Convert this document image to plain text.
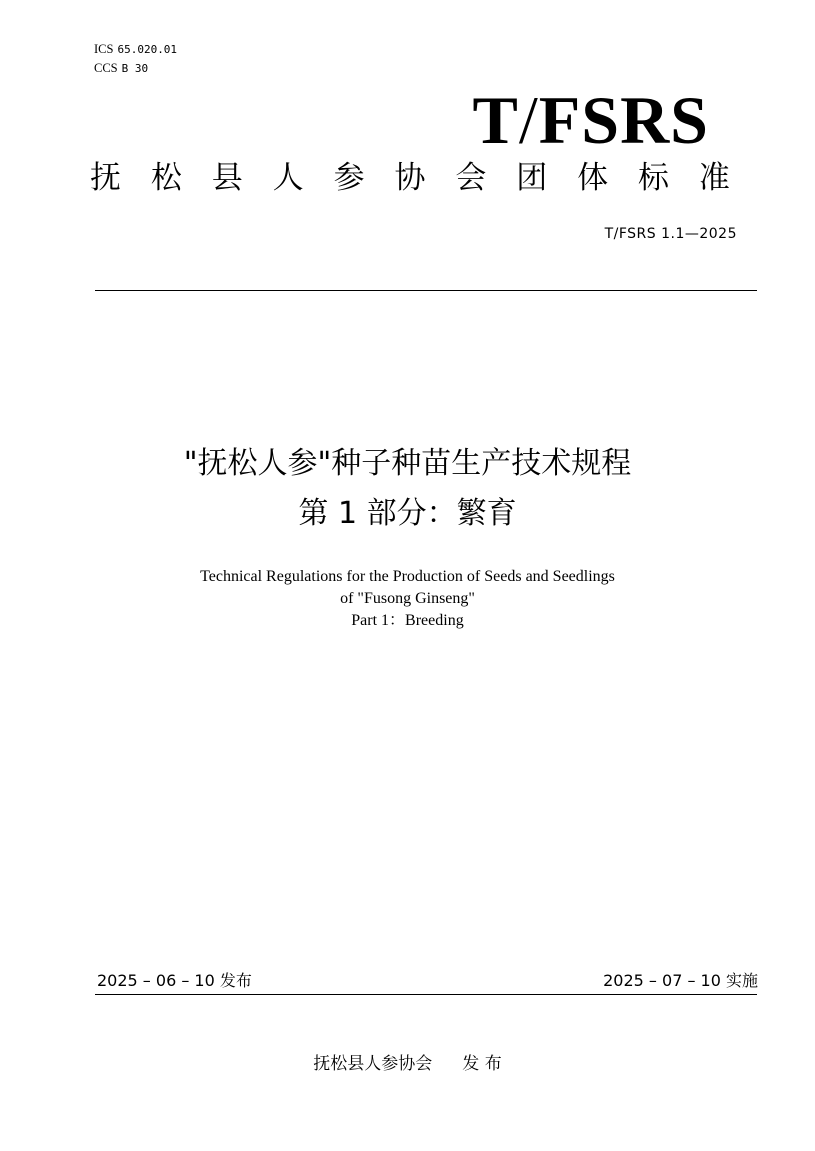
ICS 65.020.01
CCS B 30
T/FSRS
抚 松 县 人 参 协 会 团 体 标 准
T/FSRS 1.1—2025
"抚松人参"种子种苗生产技术规程
第 1 部分：繁育
Technical Regulations for the Production of Seeds and Seedlings
of "Fusong Ginseng"
Part 1：Breeding
2025 – 06 – 10 发布	2025 – 07 – 10 实施
抚松县人参协会 发 布
